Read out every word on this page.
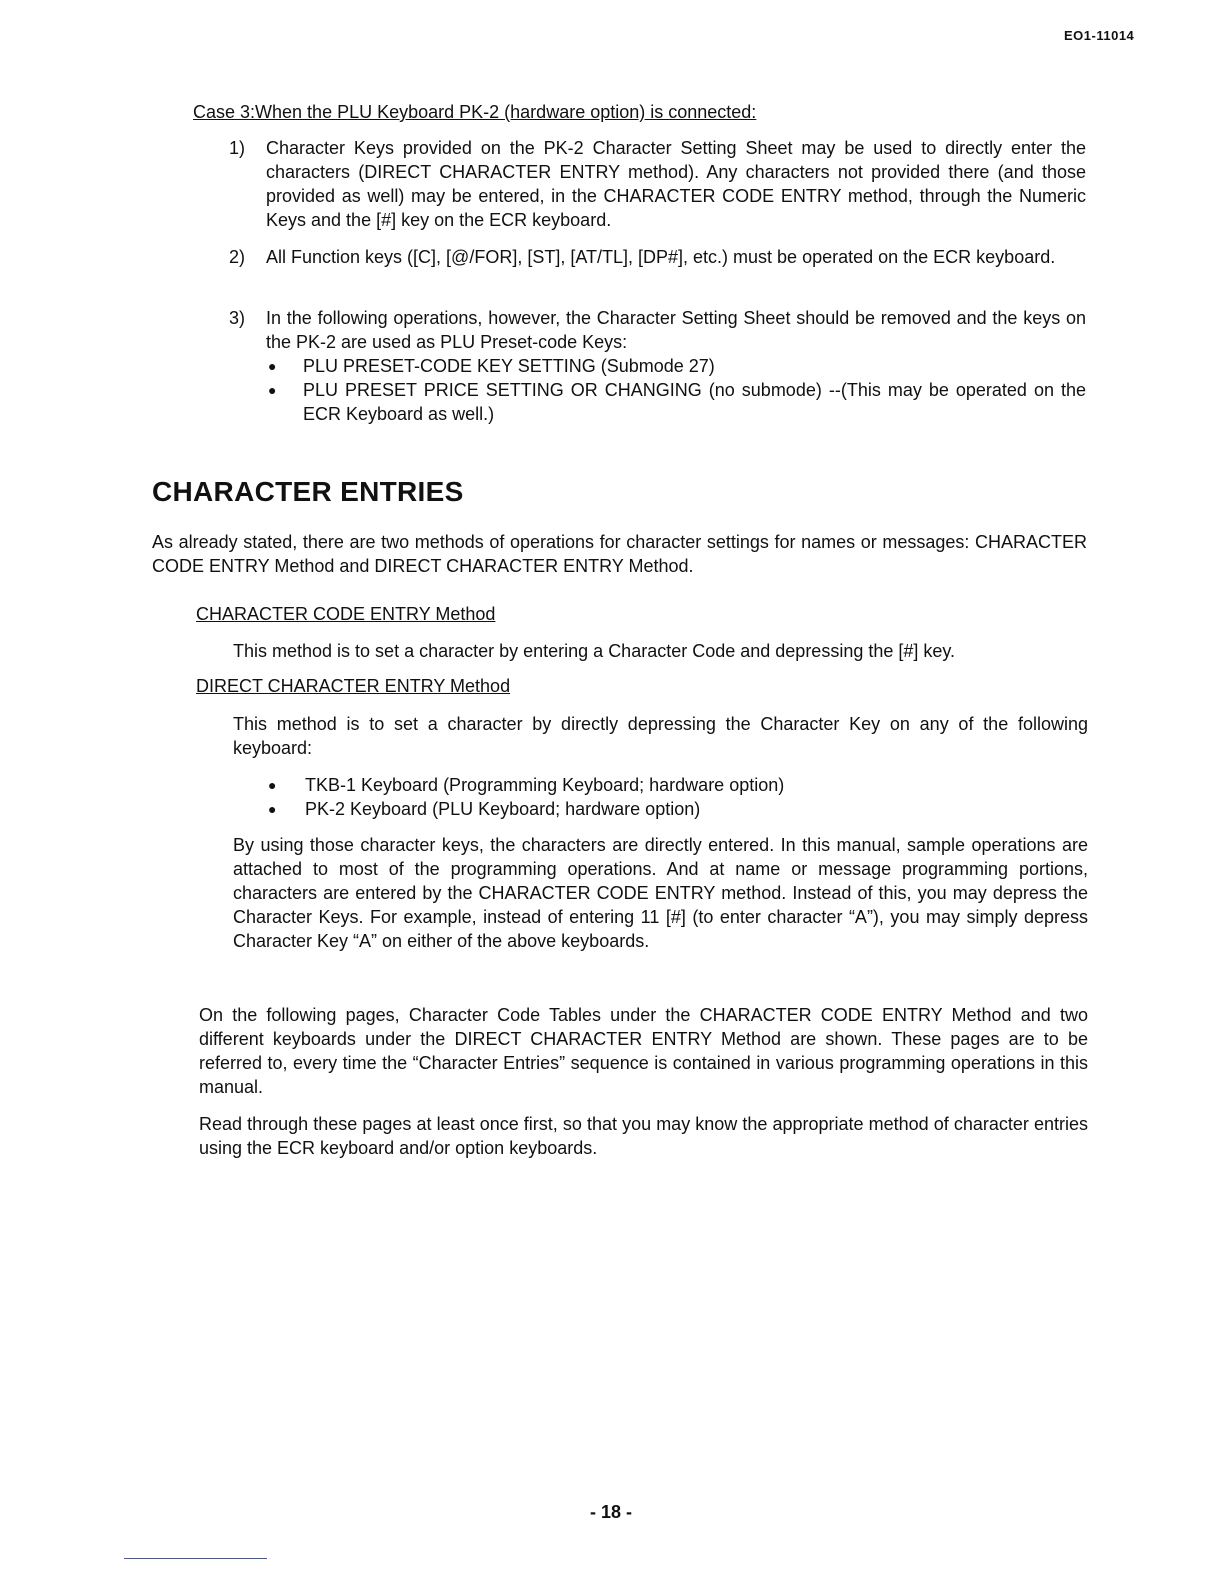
EO1-11014
Case 3:When the PLU Keyboard PK-2 (hardware option) is connected:
1) Character Keys provided on the PK-2 Character Setting Sheet may be used to directly enter the characters (DIRECT CHARACTER ENTRY method). Any characters not provided there (and those provided as well) may be entered, in the CHARACTER CODE ENTRY method, through the Numeric Keys and the [#] key on the ECR keyboard.
2) All Function keys ([C], [@/FOR], [ST], [AT/TL], [DP#], etc.) must be operated on the ECR keyboard.
3) In the following operations, however, the Character Setting Sheet should be removed and the keys on the PK-2 are used as PLU Preset-code Keys:
● PLU PRESET-CODE KEY SETTING (Submode 27)
● PLU PRESET PRICE SETTING OR CHANGING (no submode) --(This may be operated on the ECR Keyboard as well.)
CHARACTER ENTRIES
As already stated, there are two methods of operations for character settings for names or messages: CHARACTER CODE ENTRY Method and DIRECT CHARACTER ENTRY Method.
CHARACTER CODE ENTRY Method
This method is to set a character by entering a Character Code and depressing the [#] key.
DIRECT CHARACTER ENTRY Method
This method is to set a character by directly depressing the Character Key on any of the following keyboard:
● TKB-1 Keyboard (Programming Keyboard; hardware option)
● PK-2 Keyboard (PLU Keyboard; hardware option)
By using those character keys, the characters are directly entered. In this manual, sample operations are attached to most of the programming operations. And at name or message programming portions, characters are entered by the CHARACTER CODE ENTRY method. Instead of this, you may depress the Character Keys. For example, instead of entering 11 [#] (to enter character “A”), you may simply depress Character Key “A” on either of the above keyboards.
On the following pages, Character Code Tables under the CHARACTER CODE ENTRY Method and two different keyboards under the DIRECT CHARACTER ENTRY Method are shown. These pages are to be referred to, every time the “Character Entries” sequence is contained in various programming operations in this manual.
Read through these pages at least once first, so that you may know the appropriate method of character entries using the ECR keyboard and/or option keyboards.
- 18 -
